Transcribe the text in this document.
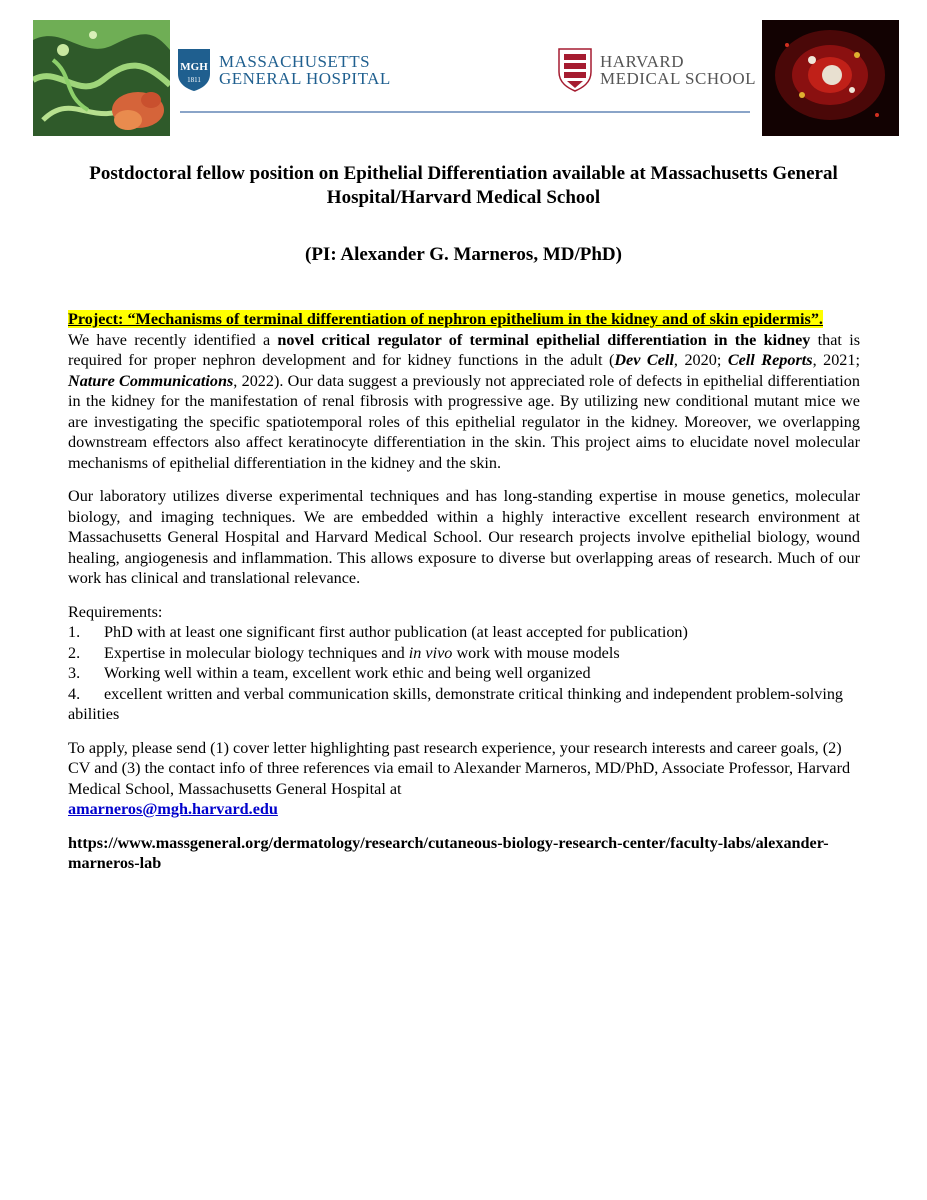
MGH
1811
MASSACHUSETTS
GENERAL HOSPITAL
HARVARD
MEDICAL SCHOOL
Postdoctoral fellow position on Epithelial Differentiation available at Massachusetts General Hospital/Harvard Medical School
(PI: Alexander G. Marneros, MD/PhD)

Project: “Mechanisms of terminal differentiation of nephron epithelium in the kidney and of skin epidermis”.

We have recently identified a novel critical regulator of terminal epithelial differentiation in the kidney that is required for proper nephron development and for kidney functions in the adult (Dev Cell, 2020; Cell Reports, 2021; Nature Communications, 2022). Our data suggest a previously not appreciated role of defects in epithelial differentiation in the kidney for the manifestation of renal fibrosis with progressive age. By utilizing new conditional mutant mice we are investigating the specific spatiotemporal roles of this epithelial regulator in the kidney. Moreover, we overlapping downstream effectors also affect keratinocyte differentiation in the skin. This project aims to elucidate novel molecular mechanisms of epithelial differentiation in the kidney and the skin.

Our laboratory utilizes diverse experimental techniques and has long-standing expertise in mouse genetics, molecular biology, and imaging techniques. We are embedded within a highly interactive excellent research environment at Massachusetts General Hospital and Harvard Medical School. Our research projects involve epithelial biology, wound healing, angiogenesis and inflammation. This allows exposure to diverse but overlapping areas of research. Much of our work has clinical and translational relevance.

Requirements:

1.	PhD with at least one significant first author publication (at least accepted for publication)
2.	Expertise in molecular biology techniques and in vivo work with mouse models
3.	Working well within a team, excellent work ethic and being well organized
4. excellent written and verbal communication skills, demonstrate critical thinking and independent problem-solving abilities

To apply, please send (1) cover letter highlighting past research experience, your research interests and career goals, (2) CV and (3) the contact info of three references via email to Alexander Marneros, MD/PhD, Associate Professor, Harvard Medical School, Massachusetts General Hospital at

amarneros@mgh.harvard.edu

https://www.massgeneral.org/dermatology/research/cutaneous-biology-research-center/faculty-labs/alexander-marneros-lab
